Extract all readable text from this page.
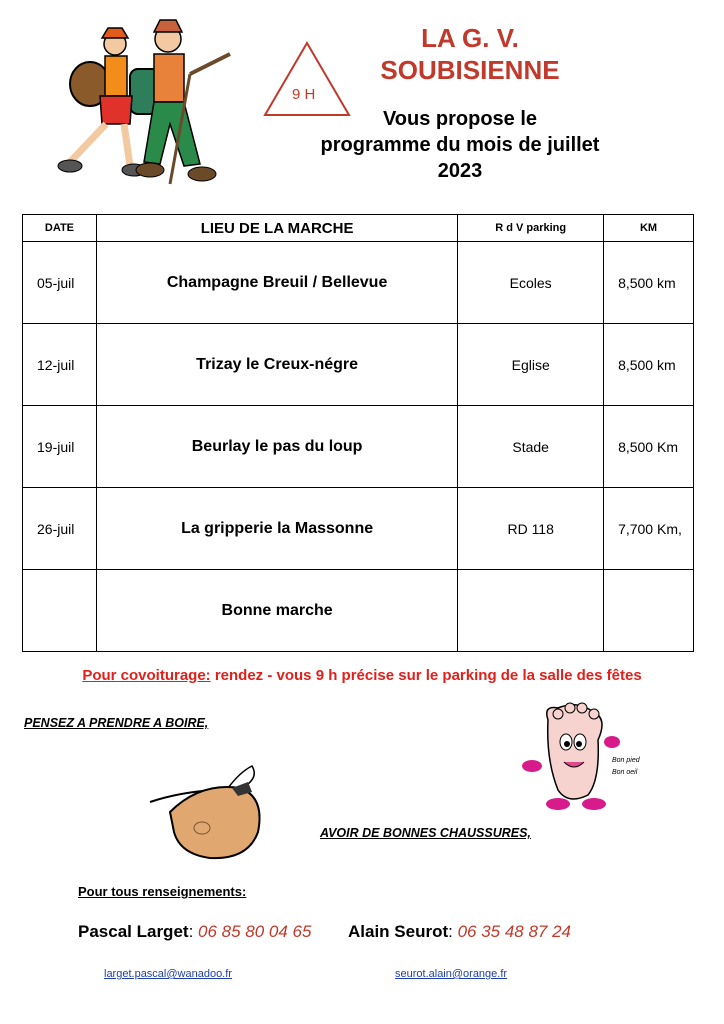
9 H
LA G. V.
SOUBISIENNE
Vous propose le
programme du mois de juillet
2023
DATE	LIEU DE LA MARCHE	R d V parking	KM
05-juil	Champagne Breuil / Bellevue	Ecoles	8,500 km
12-juil	Trizay le Creux-négre	Eglise	8,500 km
19-juil	Beurlay le pas du loup	Stade	8,500 Km
26-juil	La gripperie la Massonne	RD 118	7,700 Km,
	Bonne marche		
Pour covoiturage: rendez - vous 9 h précise sur le parking de la salle des fêtes
PENSEZ A PRENDRE A BOIRE,
Bon pied
Bon oeil
AVOIR DE BONNES CHAUSSURES,
Pour tous renseignements:
Pascal Larget: 06 85 80 04 65 Alain Seurot: 06 35 48 87 24
larget.pascal@wanadoo.fr	seurot.alain@orange.fr
